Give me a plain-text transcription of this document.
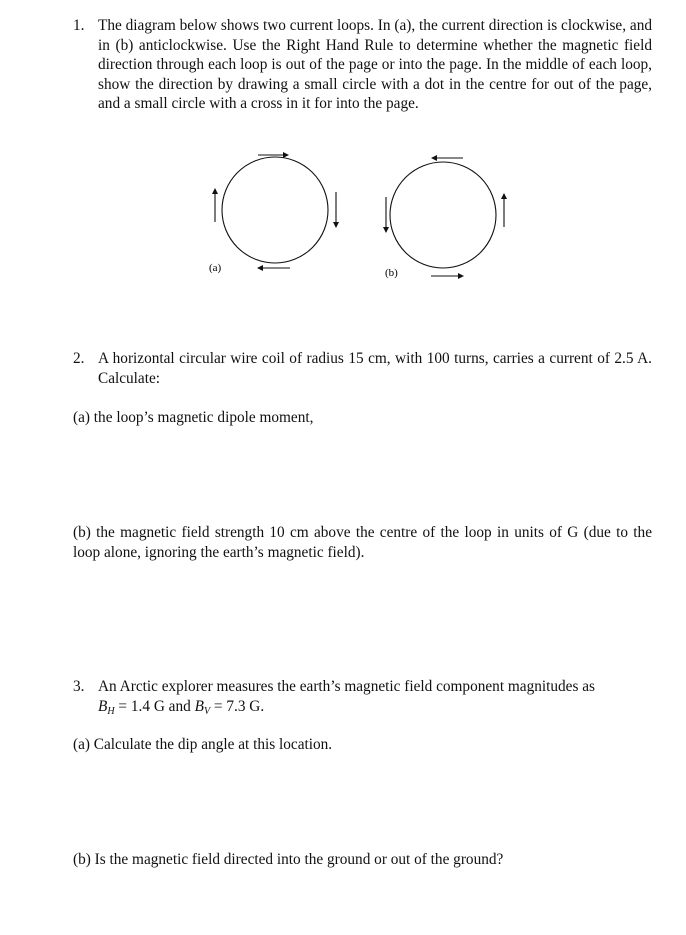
1. The diagram below shows two current loops. In (a), the current direction is clockwise, and in (b) anticlockwise. Use the Right Hand Rule to determine whether the magnetic field direction through each loop is out of the page or into the page. In the middle of each loop, show the direction by drawing a small circle with a dot in the centre for out of the page, and a small circle with a cross in it for into the page.
(a)	(b)
2. A horizontal circular wire coil of radius 15 cm, with 100 turns, carries a current of 2.5 A. Calculate:
(a) the loop’s magnetic dipole moment,
(b) the magnetic field strength 10 cm above the centre of the loop in units of G (due to the loop alone, ignoring the earth’s magnetic field).
3. An Arctic explorer measures the earth’s magnetic field component magnitudes as
$B_H = 1.4$ G and $B_V = 7.3$ G.
(a) Calculate the dip angle at this location.
(b) Is the magnetic field directed into the ground or out of the ground?
